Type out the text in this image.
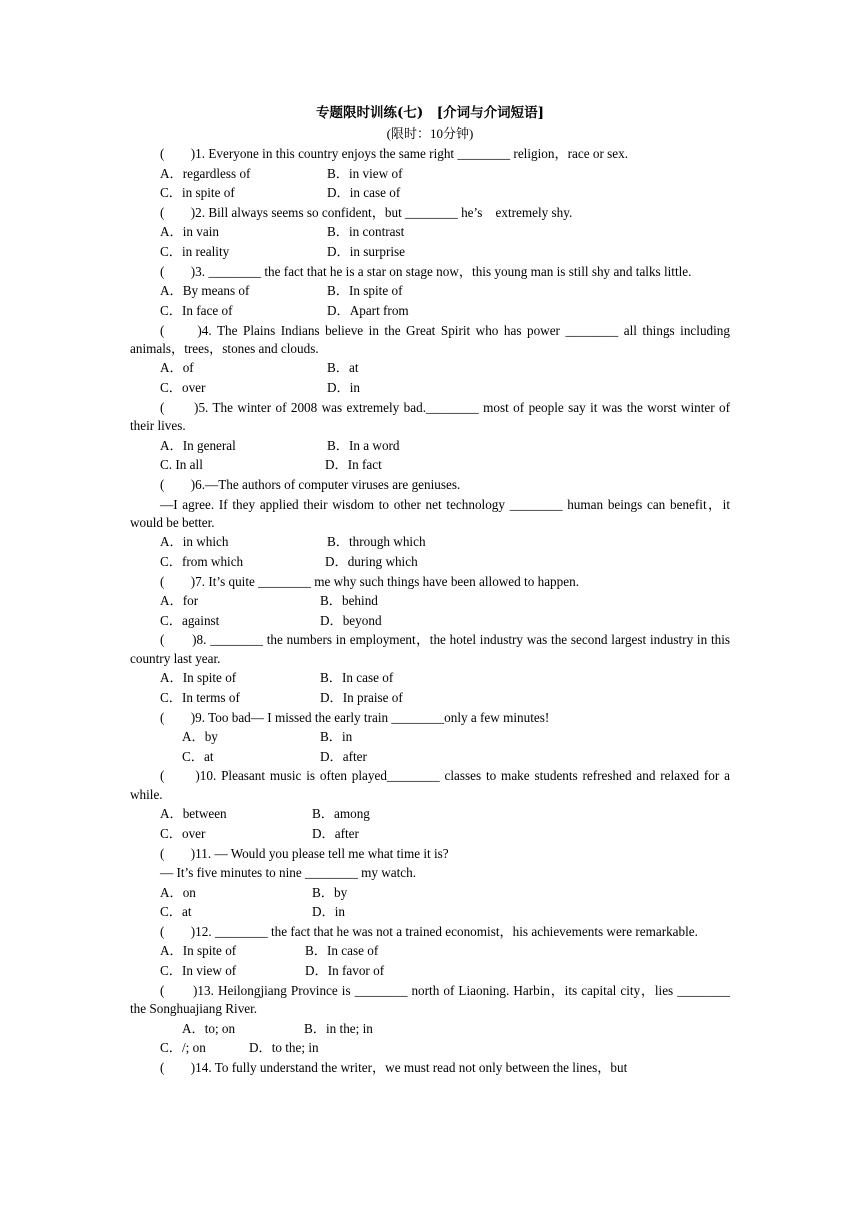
专题限时训练(七)　[介词与介词短语]
(限时：10分钟)
(　　)1. Everyone in this country enjoys the same right ________ religion，race or sex.
A．regardless of	B．in view of
C．in spite of	D．in case of
(　　)2. Bill always seems so confident，but ________ he’s　extremely shy.
A．in vain	B．in contrast
C．in reality	D．in surprise
(　　)3. ________ the fact that he is a star on stage now，this young man is still shy and talks little.
A．By means of	B．In spite of
C．In face of	D．Apart from
(　　)4. The Plains Indians believe in the Great Spirit who has power ________ all things including animals，trees，stones and clouds.
A．of	B．at
C．over	D．in
(　　)5. The winter of 2008 was extremely bad.________ most of people say it was the worst winter of their lives.
A．In general	B．In a word
C. In all	D．In fact
(　　)6.—The authors of computer viruses are geniuses.
—I agree. If they applied their wisdom to other net technology ________ human beings can benefit，it would be better.
A．in which	B．through which
C．from which	D．during which
(　　)7. It’s quite ________ me why such things have been allowed to happen.
A．for	B．behind
C．against	D．beyond
(　　)8. ________ the numbers in employment，the hotel industry was the second largest industry in this country last year.
A．In spite of	B．In case of
C．In terms of	D．In praise of
(　　)9. Too bad— I missed the early train ________only a few minutes!
A．by	B．in
C．at	D．after
(　　)10. Pleasant music is often played________ classes to make students refreshed and relaxed for a while.
A．between	B．among
C．over	D．after
(　　)11. — Would you please tell me what time it is?
— It’s five minutes to nine ________ my watch.
A．on	B．by
C．at	D．in
(　　)12. ________ the fact that he was not a trained economist，his achievements were remarkable.
A．In spite of	B．In case of
C．In view of	D．In favor of
(　　)13. Heilongjiang Province is ________ north of Liaoning. Harbin，its capital city，lies ________ the Songhuajiang River.
A．to; on	B．in the; in
C．/; on	D．to the; in
(　　)14. To fully understand the writer，we must read not only between the lines，but
